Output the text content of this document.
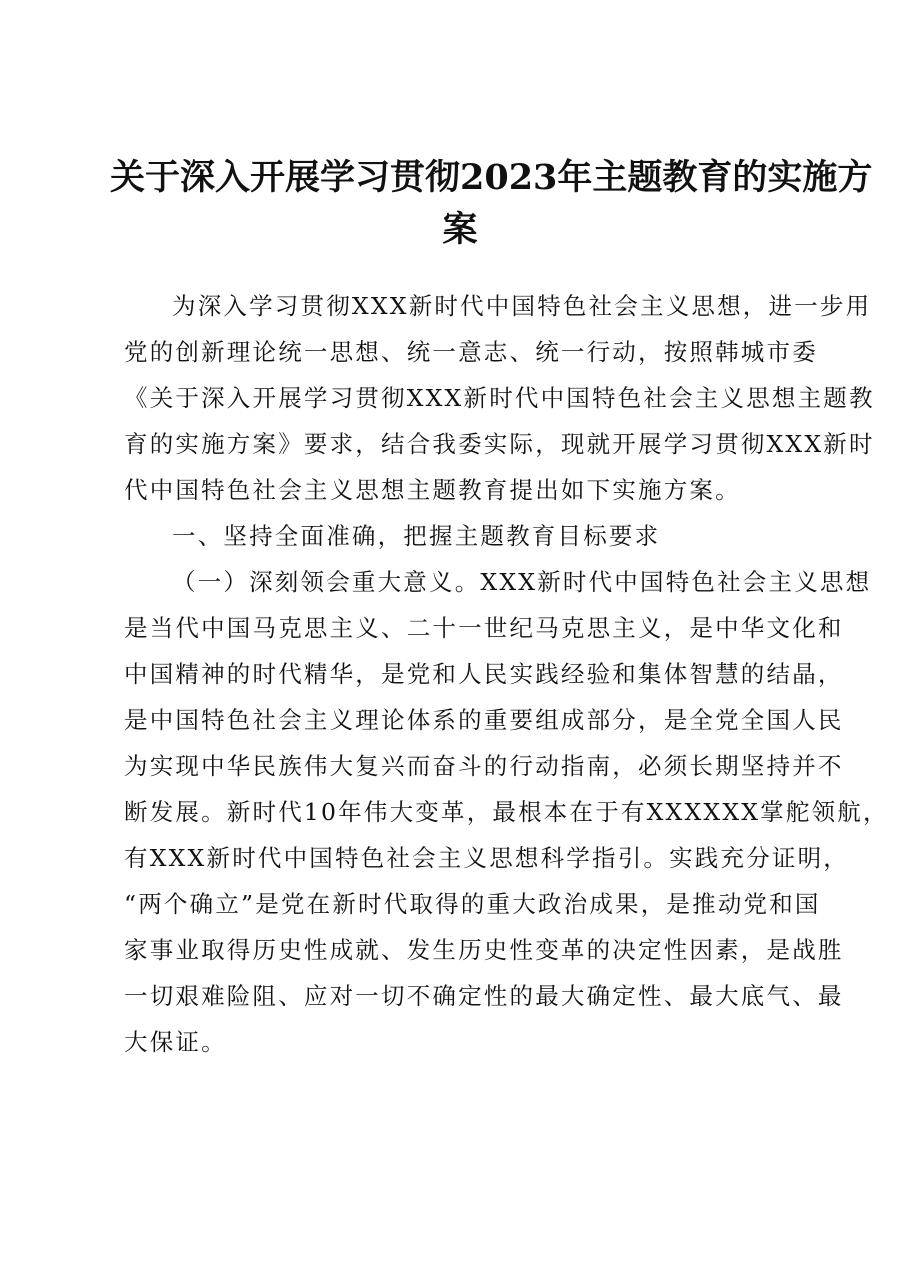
关于深入开展学习贯彻2023年主题教育的实施方
案
为深入学习贯彻XXX新时代中国特色社会主义思想，进一步用
党的创新理论统一思想、统一意志、统一行动，按照韩城市委
《关于深入开展学习贯彻XXX新时代中国特色社会主义思想主题教
育的实施方案》要求，结合我委实际，现就开展学习贯彻XXX新时
代中国特色社会主义思想主题教育提出如下实施方案。
一、坚持全面准确，把握主题教育目标要求
（一）深刻领会重大意义。XXX新时代中国特色社会主义思想
是当代中国马克思主义、二十一世纪马克思主义，是中华文化和
中国精神的时代精华，是党和人民实践经验和集体智慧的结晶，
是中国特色社会主义理论体系的重要组成部分，是全党全国人民
为实现中华民族伟大复兴而奋斗的行动指南，必须长期坚持并不
断发展。新时代10年伟大变革，最根本在于有XXXXXX掌舵领航，
有XXX新时代中国特色社会主义思想科学指引。实践充分证明，
“两个确立”是党在新时代取得的重大政治成果，是推动党和国
家事业取得历史性成就、发生历史性变革的决定性因素，是战胜
一切艰难险阻、应对一切不确定性的最大确定性、最大底气、最
大保证。
